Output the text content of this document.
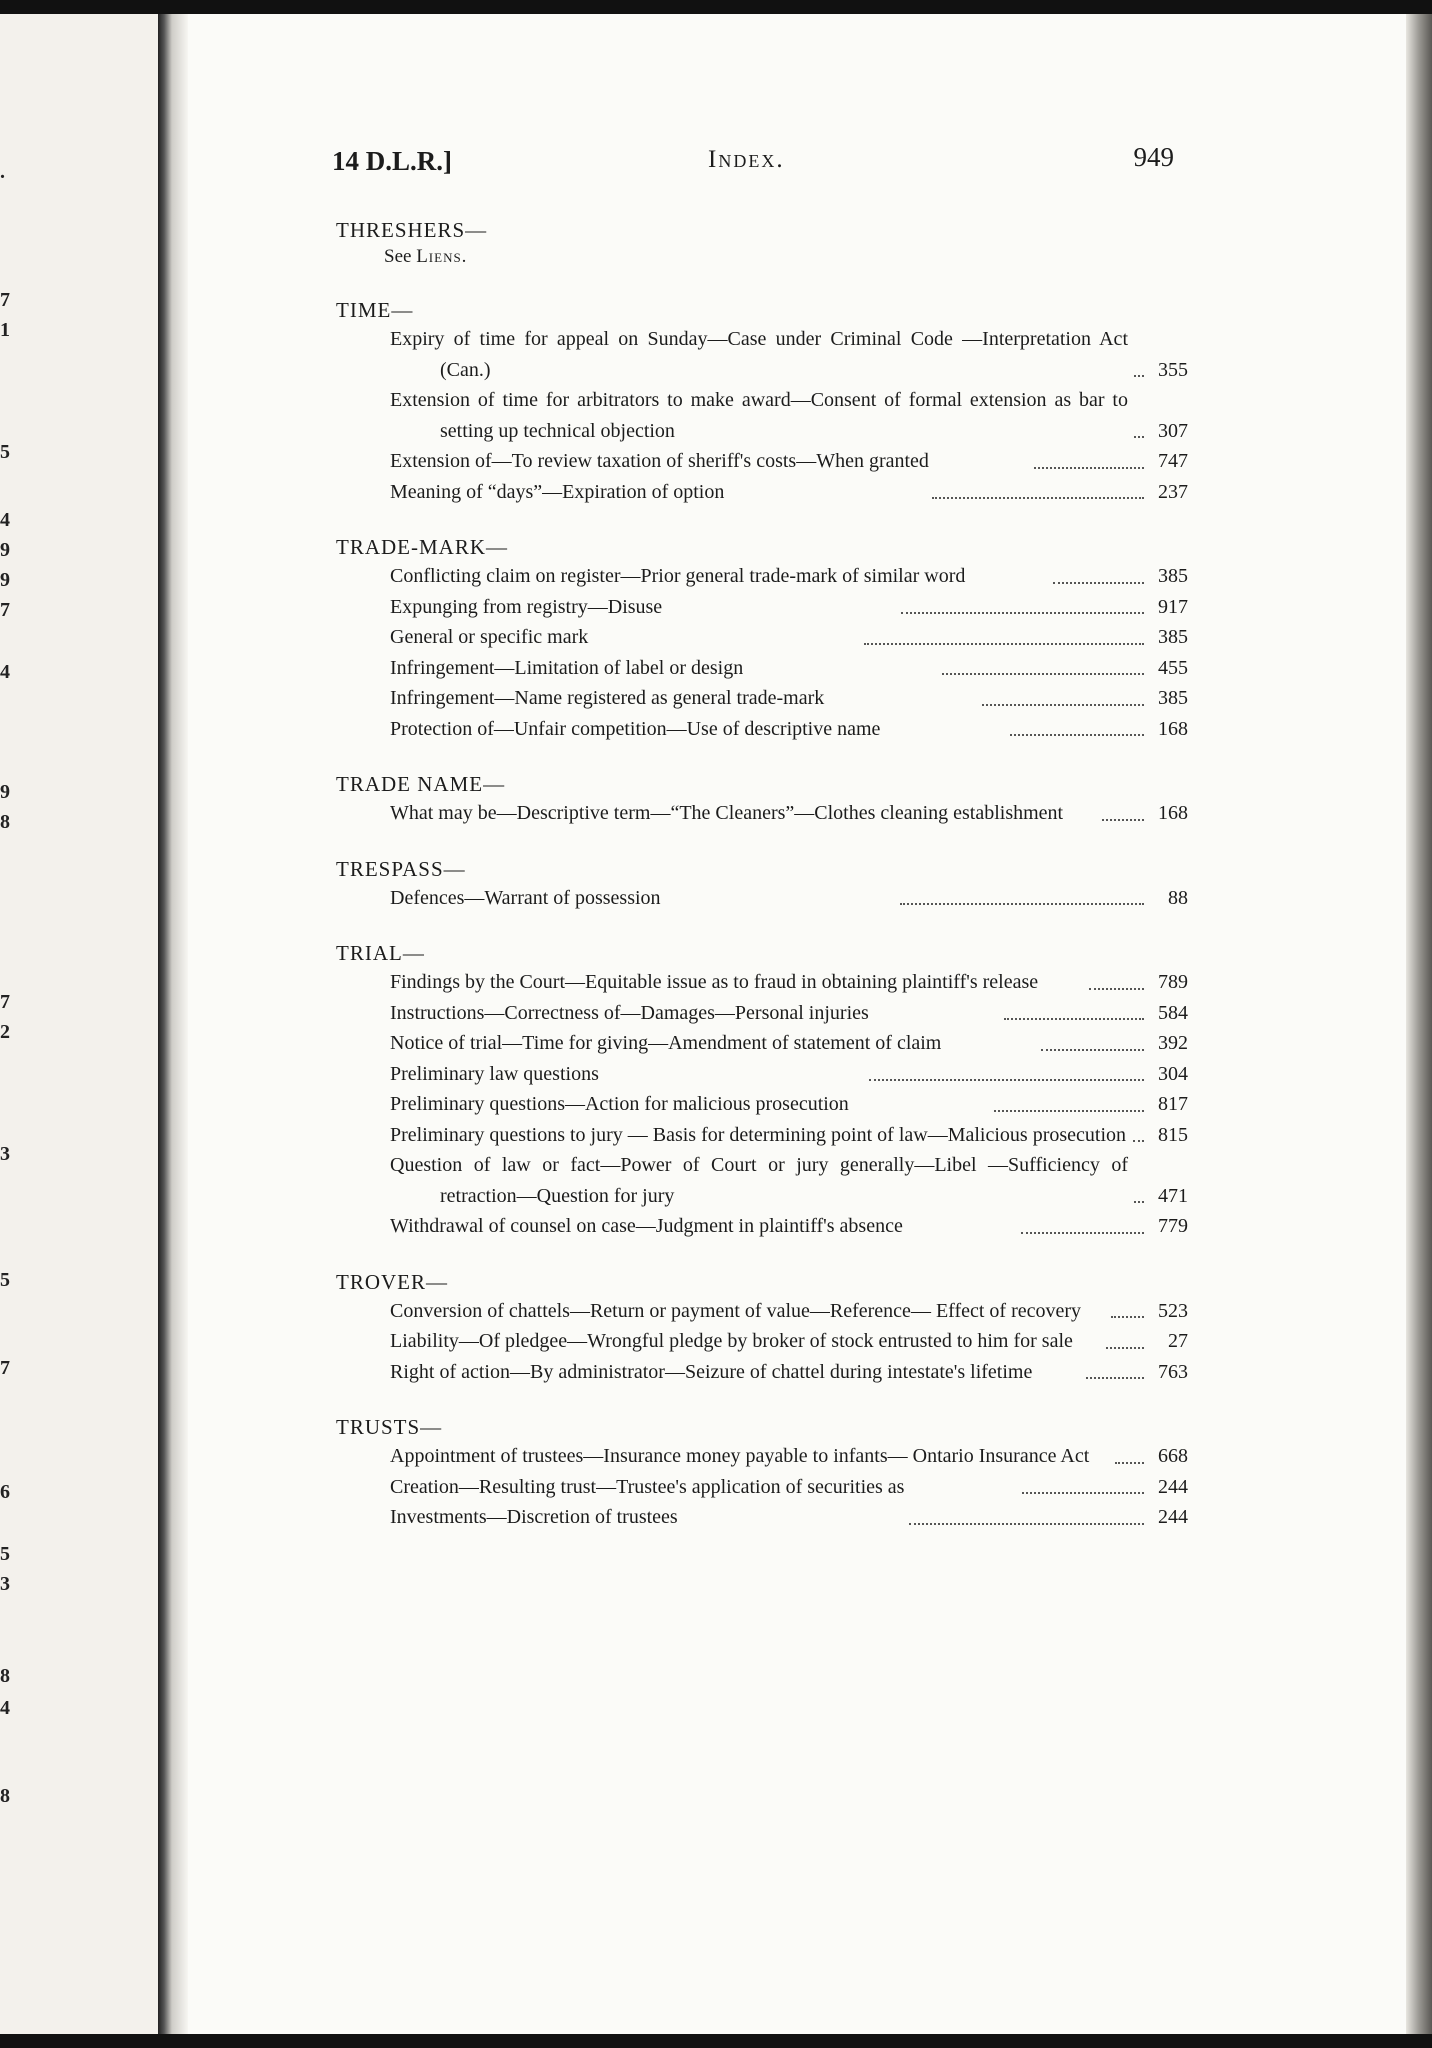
.
7
1
5
4
9
9
7
4
9
8
7
2
3
5
7
6
5
3
8
4
8
14 D.L.R.]	Index.	949
THRESHERS—
See Liens.
TIME—
Expiry of time for appeal on Sunday—Case under Criminal Code —Interpretation Act (Can.)	355
Extension of time for arbitrators to make award—Consent of formal extension as bar to setting up technical objection	307
Extension of—To review taxation of sheriff's costs—When granted	747
Meaning of “days”—Expiration of option	237
TRADE-MARK—
Conflicting claim on register—Prior general trade-mark of similar word	385
Expunging from registry—Disuse	917
General or specific mark	385
Infringement—Limitation of label or design	455
Infringement—Name registered as general trade-mark	385
Protection of—Unfair competition—Use of descriptive name	168
TRADE NAME—
What may be—Descriptive term—“The Cleaners”—Clothes cleaning establishment	168
TRESPASS—
Defences—Warrant of possession	88
TRIAL—
Findings by the Court—Equitable issue as to fraud in obtaining plaintiff's release	789
Instructions—Correctness of—Damages—Personal injuries	584
Notice of trial—Time for giving—Amendment of statement of claim	392
Preliminary law questions	304
Preliminary questions—Action for malicious prosecution	817
Preliminary questions to jury — Basis for determining point of law—Malicious prosecution	815
Question of law or fact—Power of Court or jury generally—Libel —Sufficiency of retraction—Question for jury	471
Withdrawal of counsel on case—Judgment in plaintiff's absence	779
TROVER—
Conversion of chattels—Return or payment of value—Reference— Effect of recovery	523
Liability—Of pledgee—Wrongful pledge by broker of stock entrusted to him for sale	27
Right of action—By administrator—Seizure of chattel during intestate's lifetime	763
TRUSTS—
Appointment of trustees—Insurance money payable to infants— Ontario Insurance Act	668
Creation—Resulting trust—Trustee's application of securities as	244
Investments—Discretion of trustees	244
